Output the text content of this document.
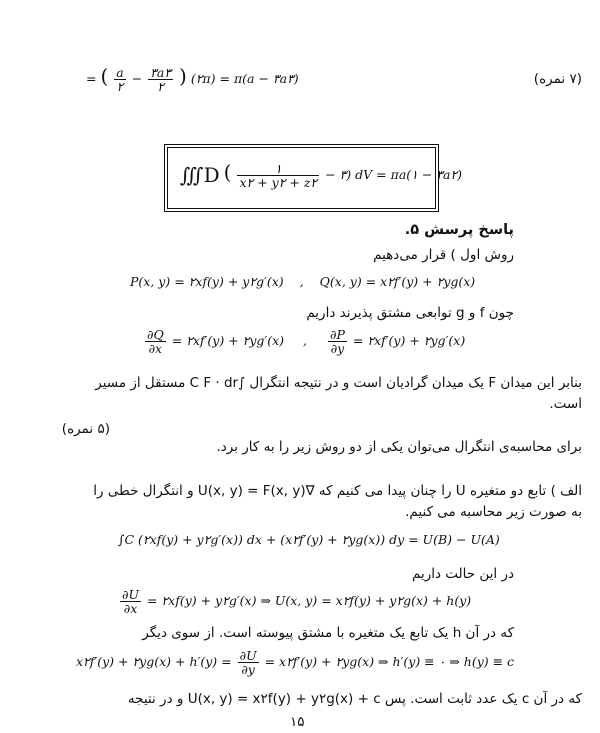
= ( $\frac{a}{۲} - \frac{۳a۳}{۲}$ ) (۲π) = π(a − ۳a۳)	(۷ نمره)
∭D ( $\frac{۱}{x۲ + y۲ + z۲}$ − ۳) dV = πa(۱ − ۳a۲)
پاسخ پرسش ۵.
روش اول ) قرار می‌دهیم
P(x, y) = ۲xf(y) + y۲g′(x) , Q(x, y) = x۲f′(y) + ۲yg(x)
چون f و g توابعی مشتق پذیرند داریم
$\frac{\partial Q}{\partial x}$ = ۲xf′(y) + ۲yg′(x) , $\frac{\partial P}{\partial y}$ = ۲xf′(y) + ۲yg′(x)
بنابر این میدان F یک میدان گرادیان است و در نتیجه انتگرال ∫C F · dr مستقل از مسیر
است.
(۵ نمره)
برای محاسبه‌ی انتگرال می‌توان یکی از دو روش زیر را به کار برد.
الف ) تابع دو متغیره U را چنان پیدا می کنیم که ∇U(x, y) = F(x, y) و انتگرال خطی را
به صورت زیر محاسبه می کنیم.
∫C (۲xf(y) + y۲g′(x)) dx + (x۲f′(y) + ۲yg(x)) dy = U(B) − U(A)
در این حالت داریم
$\frac{\partial U}{\partial x}$ = ۲xf(y) + y۲g′(x) ⇒ U(x, y) = x۲f(y) + y۲g(x) + h(y)
که در آن h یک تابع یک متغیره با مشتق پیوسته است. از سوی دیگر
x۲f′(y) + ۲yg(x) + $h'(y) = \frac{\partial U}{\partial y}$ = x۲f′(y) + ۲yg(x) ⇒ h′(y) ≡ ۰ ⇒ h(y) ≡ c
که در آن c یک عدد ثابت است. پس U(x, y) = x۲f(y) + y۲g(x) + c و در نتیجه
۱۵
